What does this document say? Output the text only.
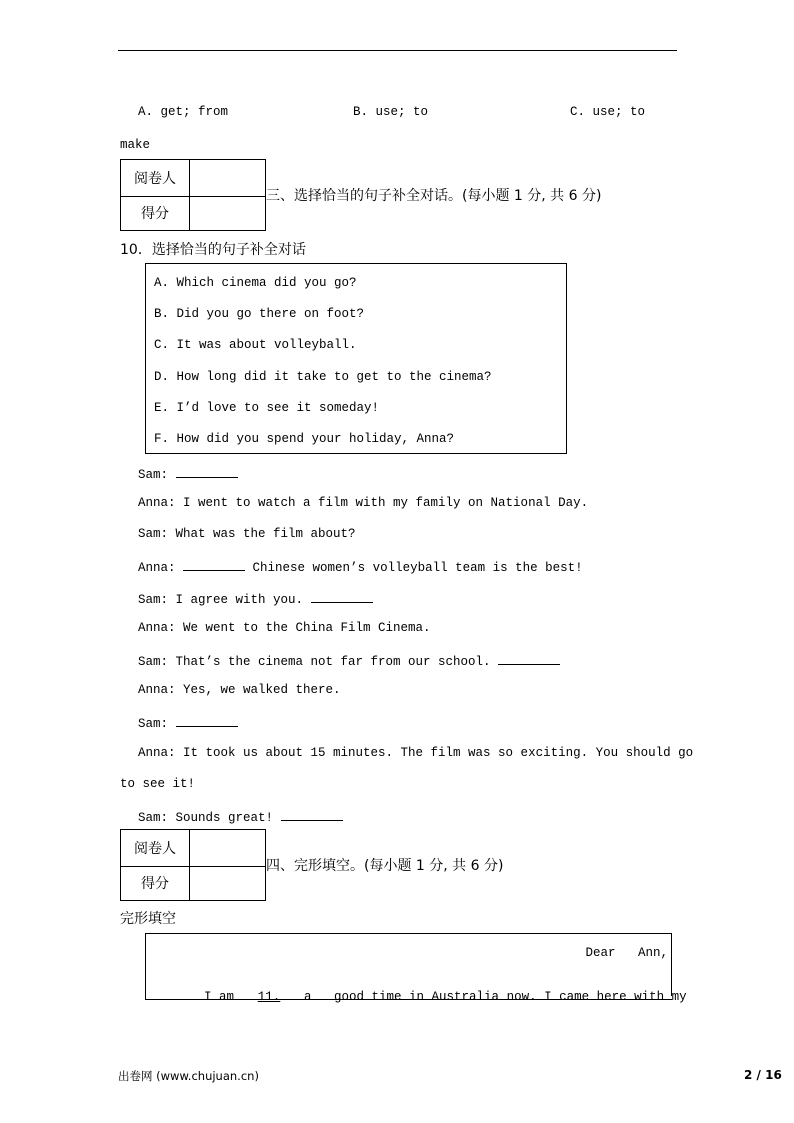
A. get; from	B. use; to	C. use; to
make
阅卷人
得分
三、选择恰当的句子补全对话。(每小题 1 分, 共 6 分)
10．选择恰当的句子补全对话
A. Which cinema did you go?
B. Did you go there on foot?
C. It was about volleyball.
D. How long did it take to get to the cinema?
E. I’d love to see it someday!
F. How did you spend your holiday, Anna?
Sam:
Anna: I went to watch a film with my family on National Day.
Sam: What was the film about?
Anna:	Chinese women’s volleyball team is the best!
Sam: I agree with you.
Anna: We went to the China Film Cinema.
Sam: That’s the cinema not far from our school.
Anna: Yes, we walked there.
Sam:
Anna: It took us about 15 minutes. The film was so exciting. You should go
to see it!
Sam: Sounds great!
阅卷人
得分
四、完形填空。(每小题 1 分, 共 6 分)
完形填空
Dear   Ann,

I am 11. a   good time in Australia now. I came here with my

出卷网 (www.chujuan.cn)	2 / 16
